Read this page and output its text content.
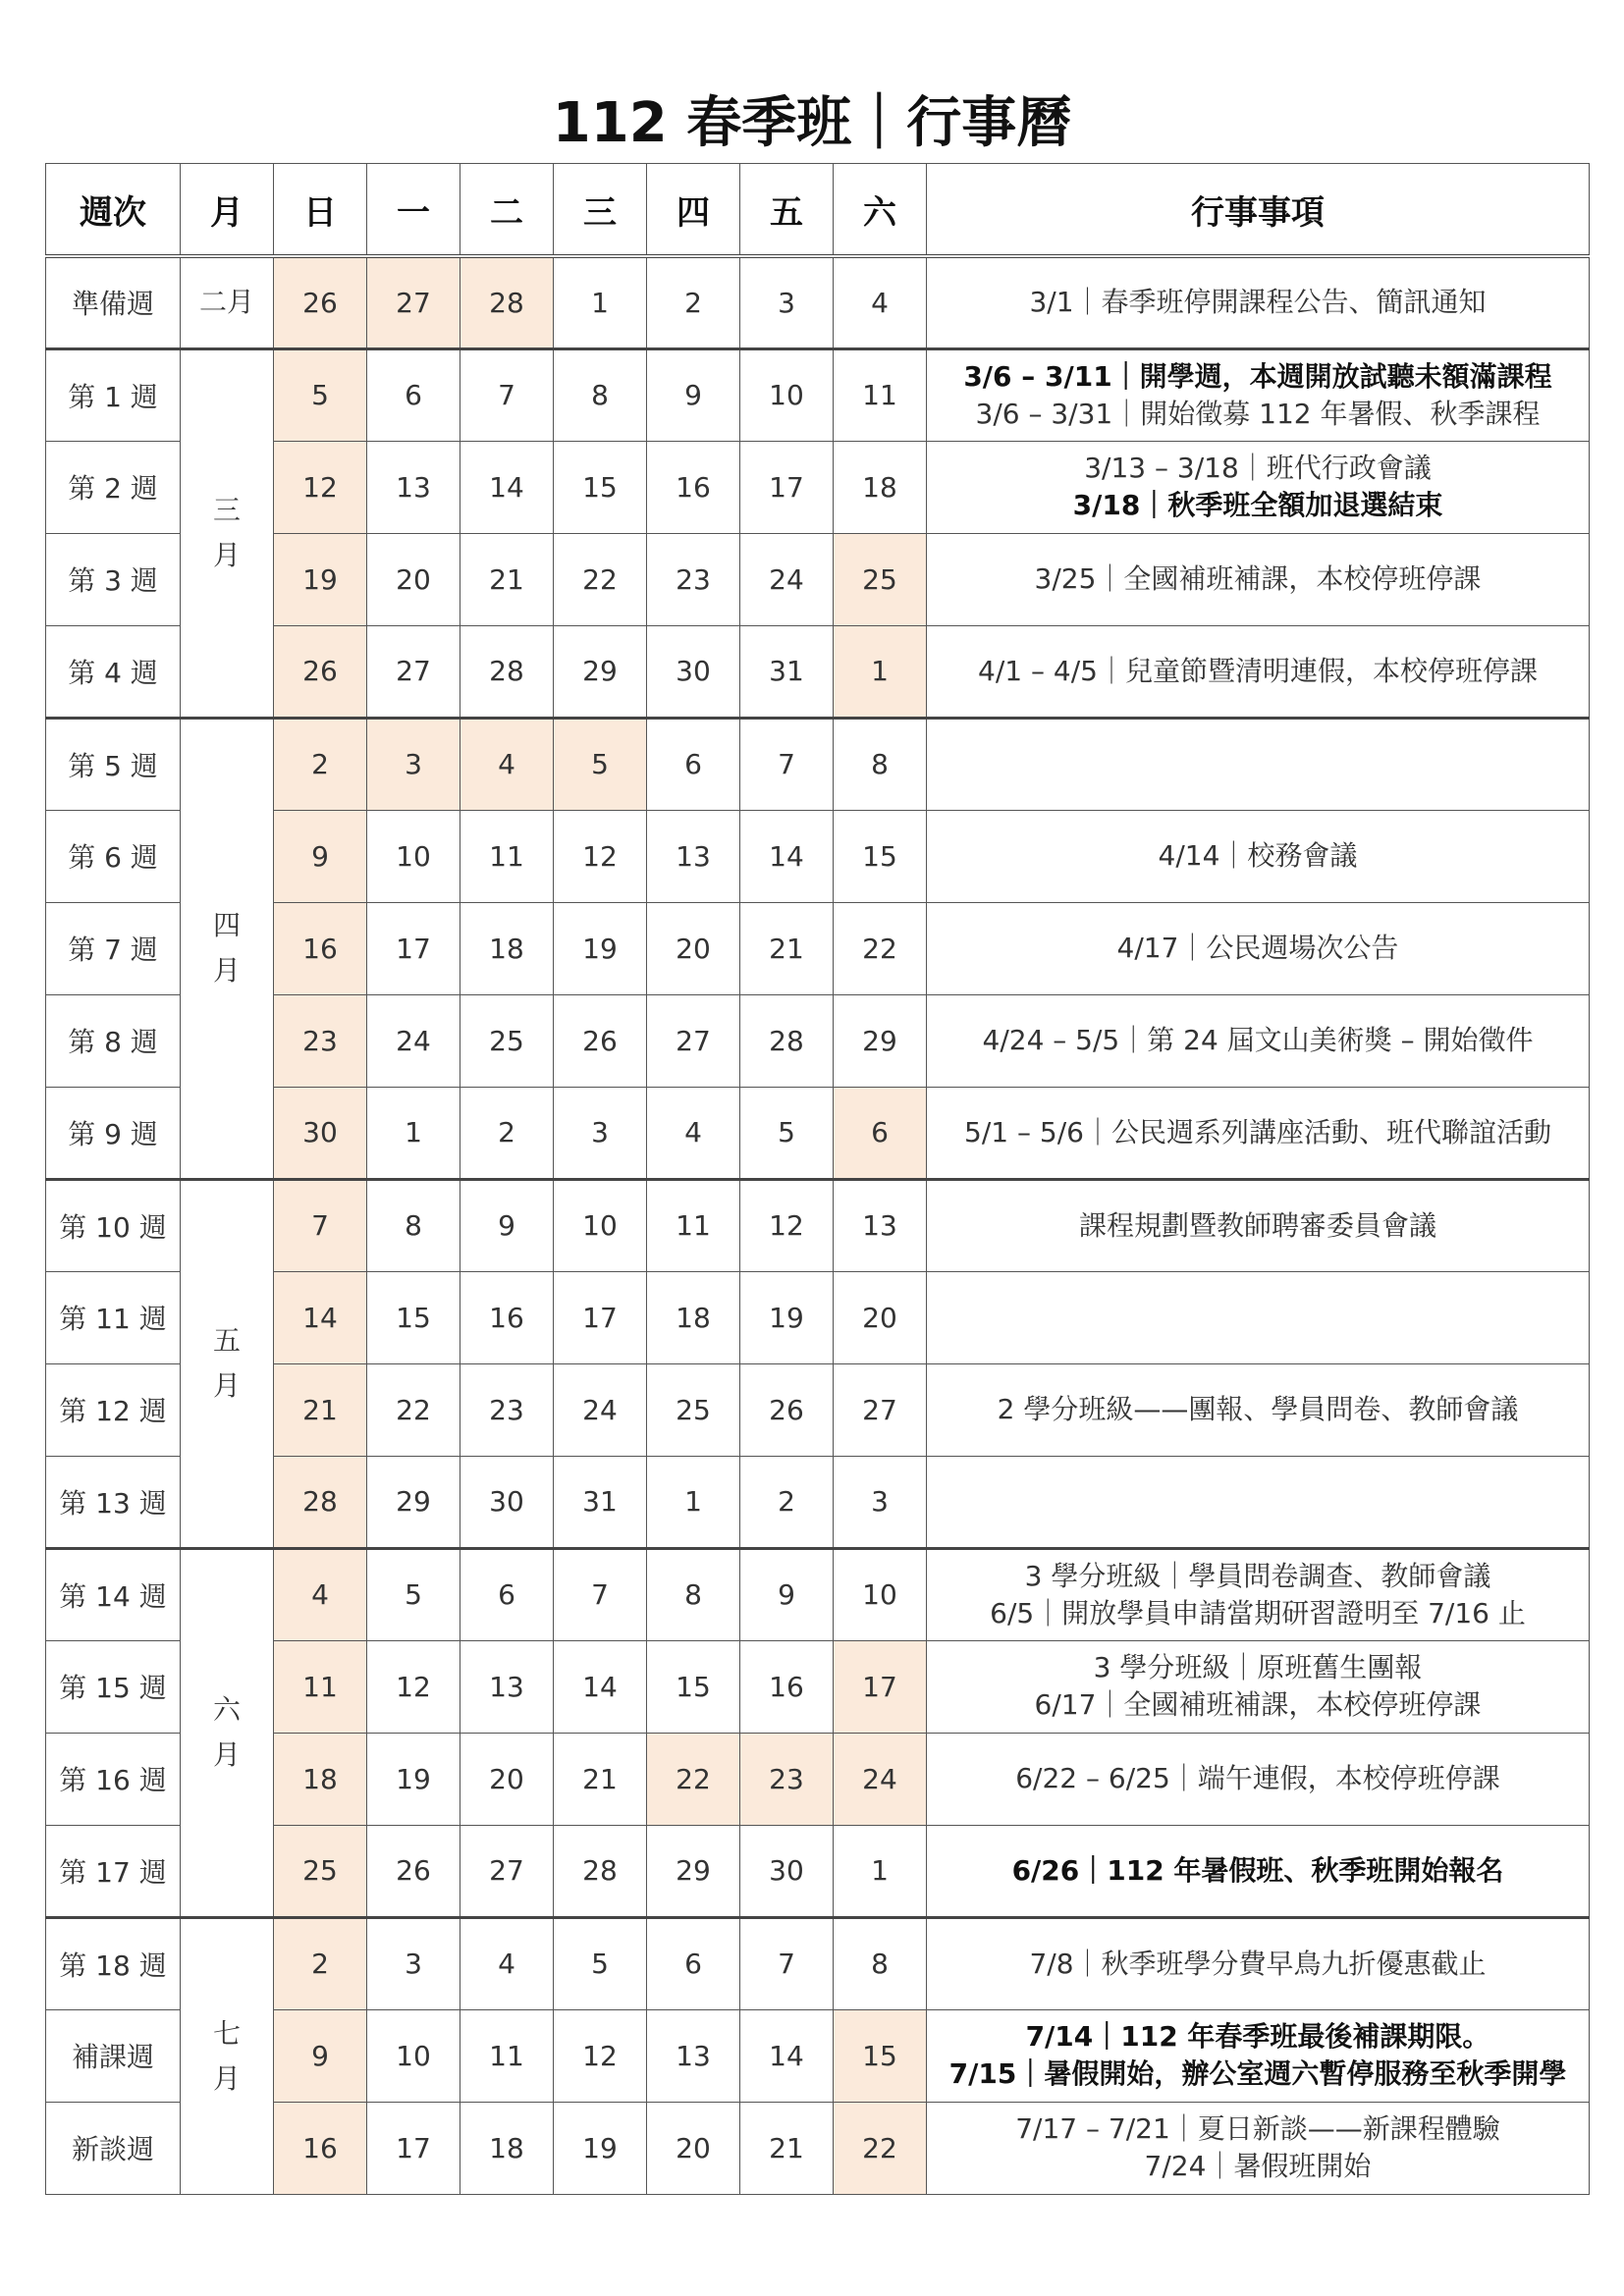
112 春季班｜行事曆
週次	月	日	一	二	三	四	五	六	行事事項
準備週	二月	26	27	28	1	2	3	4	3/1｜春季班停開課程公告、簡訊通知

第 1 週	三月	5	6	7	8	9	10	11	3/6 – 3/11｜開學週，本週開放試聽未額滿課程
3/6 – 3/31｜開始徵募 112 年暑假、秋季課程

第 2 週		12	13	14	15	16	17	18	3/13 – 3/18｜班代行政會議
3/18｜秋季班全額加退選結束

第 3 週		19	20	21	22	23	24	25	3/25｜全國補班補課，本校停班停課

第 4 週		26	27	28	29	30	31	1	4/1 – 4/5｜兒童節暨清明連假，本校停班停課

第 5 週	四月	2	3	4	5	6	7	8	
第 6 週		9	10	11	12	13	14	15	4/14｜校務會議

第 7 週		16	17	18	19	20	21	22	4/17｜公民週場次公告

第 8 週		23	24	25	26	27	28	29	4/24 – 5/5｜第 24 屆文山美術獎 – 開始徵件

第 9 週		30	1	2	3	4	5	6	5/1 – 5/6｜公民週系列講座活動、班代聯誼活動

第 10 週	五月	7	8	9	10	11	12	13	課程規劃暨教師聘審委員會議

第 11 週		14	15	16	17	18	19	20	
第 12 週		21	22	23	24	25	26	27	2 學分班級——團報、學員問卷、教師會議

第 13 週		28	29	30	31	1	2	3	
第 14 週	六月	4	5	6	7	8	9	10	3 學分班級｜學員問卷調查、教師會議
6/5｜開放學員申請當期研習證明至 7/16 止

第 15 週		11	12	13	14	15	16	17	3 學分班級｜原班舊生團報
6/17｜全國補班補課，本校停班停課

第 16 週		18	19	20	21	22	23	24	6/22 – 6/25｜端午連假，本校停班停課

第 17 週		25	26	27	28	29	30	1	6/26｜112 年暑假班、秋季班開始報名

第 18 週	七月	2	3	4	5	6	7	8	7/8｜秋季班學分費早鳥九折優惠截止

補課週		9	10	11	12	13	14	15	7/14｜112 年春季班最後補課期限。
7/15｜暑假開始，辦公室週六暫停服務至秋季開學

新談週		16	17	18	19	20	21	22	7/17 – 7/21｜夏日新談——新課程體驗
7/24｜暑假班開始
